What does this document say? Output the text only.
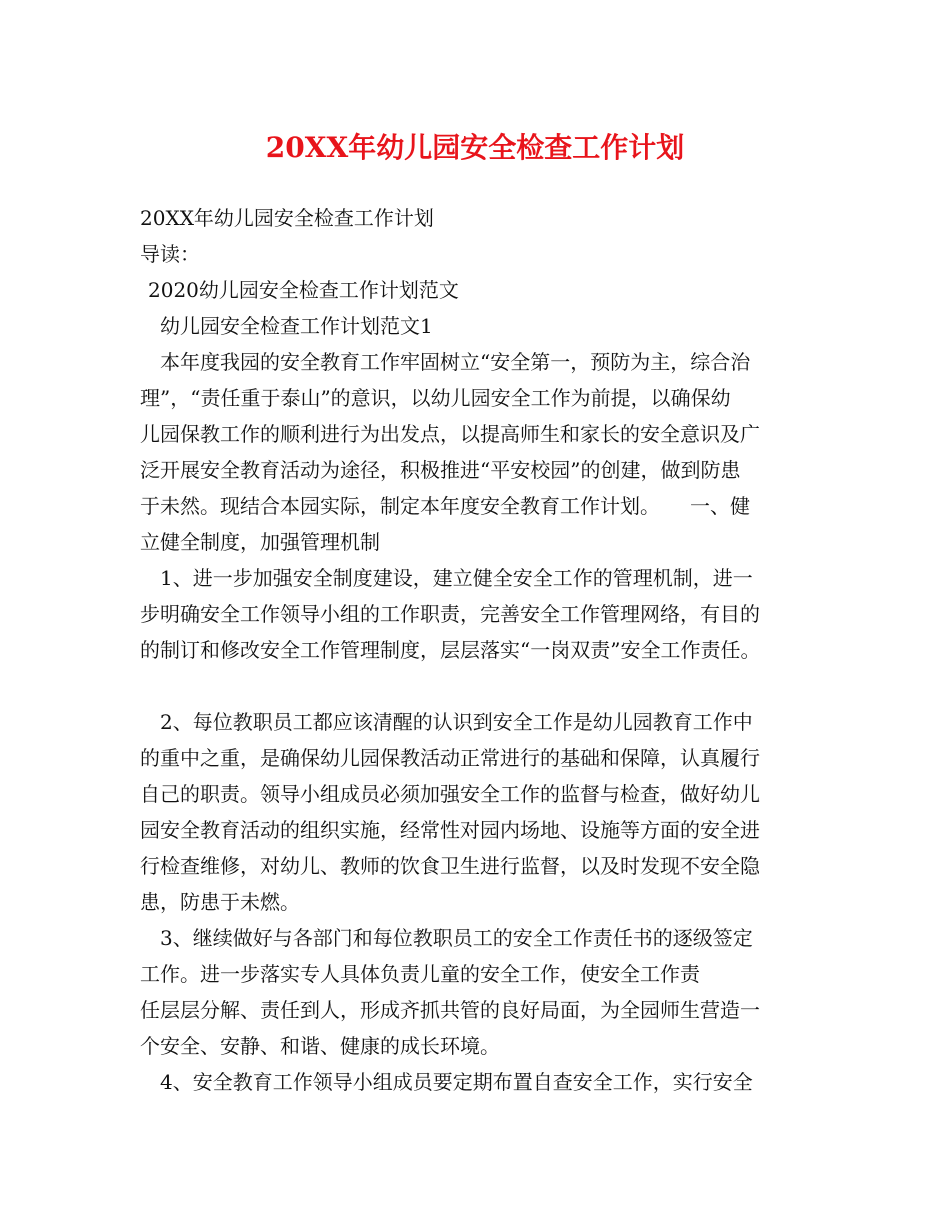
20XX年幼儿园安全检查工作计划
20XX年幼儿园安全检查工作计划
导读：
2020幼儿园安全检查工作计划范文
幼儿园安全检查工作计划范文1
本年度我园的安全教育工作牢固树立“安全第一，预防为主，综合治
理”，“责任重于泰山”的意识，以幼儿园安全工作为前提，以确保幼
儿园保教工作的顺利进行为出发点，以提高师生和家长的安全意识及广
泛开展安全教育活动为途径，积极推进“平安校园”的创建，做到防患
于未然。现结合本园实际，制定本年度安全教育工作计划。　　一、健
立健全制度，加强管理机制
1、进一步加强安全制度建设，建立健全安全工作的管理机制，进一
步明确安全工作领导小组的工作职责，完善安全工作管理网络，有目的
的制订和修改安全工作管理制度，层层落实“一岗双责”安全工作责任。
2、每位教职员工都应该清醒的认识到安全工作是幼儿园教育工作中
的重中之重，是确保幼儿园保教活动正常进行的基础和保障，认真履行
自己的职责。领导小组成员必须加强安全工作的监督与检查，做好幼儿
园安全教育活动的组织实施，经常性对园内场地、设施等方面的安全进
行检查维修，对幼儿、教师的饮食卫生进行监督，以及时发现不安全隐
患，防患于未燃。
3、继续做好与各部门和每位教职员工的安全工作责任书的逐级签定
工作。进一步落实专人具体负责儿童的安全工作，使安全工作责
任层层分解、责任到人，形成齐抓共管的良好局面，为全园师生营造一
个安全、安静、和谐、健康的成长环境。
4、安全教育工作领导小组成员要定期布置自查安全工作，实行安全
